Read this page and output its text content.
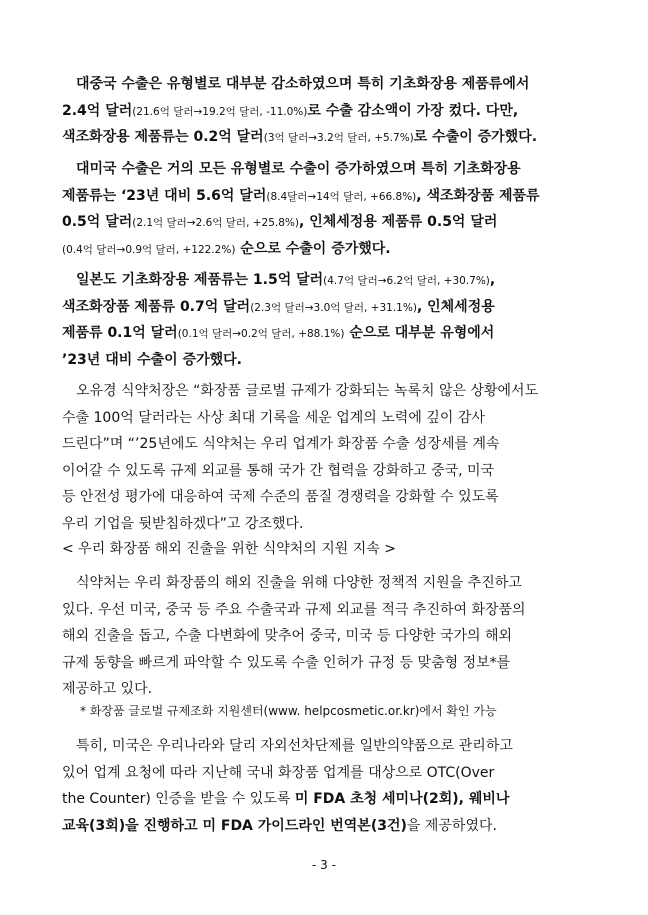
대중국 수출은 유형별로 대부분 감소하였으며 특히 기초화장용 제품류에서
2.4억 달러(21.6억 달러→19.2억 달러, -11.0%)로 수출 감소액이 가장 컸다. 다만,
색조화장용 제품류는 0.2억 달러(3억 달러→3.2억 달러, +5.7%)로 수출이 증가했다.
대미국 수출은 거의 모든 유형별로 수출이 증가하였으며 특히 기초화장용
제품류는 ‘23년 대비 5.6억 달러(8.4달러→14억 달러, +66.8%), 색조화장품 제품류
0.5억 달러(2.1억 달러→2.6억 달러, +25.8%), 인체세정용 제품류 0.5억 달러
(0.4억 달러→0.9억 달러, +122.2%) 순으로 수출이 증가했다.
일본도 기초화장용 제품류는 1.5억 달러(4.7억 달러→6.2억 달러, +30.7%),
색조화장품 제품류 0.7억 달러(2.3억 달러→3.0억 달러, +31.1%), 인체세정용
제품류 0.1억 달러(0.1억 달러→0.2억 달러, +88.1%) 순으로 대부분 유형에서
’23년 대비 수출이 증가했다.
오유경 식약처장은 “화장품 글로벌 규제가 강화되는 녹록치 않은 상황에서도
수출 100억 달러라는 사상 최대 기록을 세운 업계의 노력에 깊이 감사
드린다”며 “’25년에도 식약처는 우리 업계가 화장품 수출 성장세를 계속
이어갈 수 있도록 규제 외교를 통해 국가 간 협력을 강화하고 중국, 미국
등 안전성 평가에 대응하여 국제 수준의 품질 경쟁력을 강화할 수 있도록
우리 기업을 뒷받침하겠다”고 강조했다.
< 우리 화장품 해외 진출을 위한 식약처의 지원 지속 >
식약처는 우리 화장품의 해외 진출을 위해 다양한 정책적 지원을 추진하고
있다. 우선 미국, 중국 등 주요 수출국과 규제 외교를 적극 추진하여 화장품의
해외 진출을 돕고, 수출 다변화에 맞추어 중국, 미국 등 다양한 국가의 해외
규제 동향을 빠르게 파악할 수 있도록 수출 인허가 규정 등 맞춤형 정보*를
제공하고 있다.
* 화장품 글로벌 규제조화 지원센터(www. helpcosmetic.or.kr)에서 확인 가능
특히, 미국은 우리나라와 달리 자외선차단제를 일반의약품으로 관리하고
있어 업계 요청에 따라 지난해 국내 화장품 업계를 대상으로 OTC(Over
the Counter) 인증을 받을 수 있도록 미 FDA 초청 세미나(2회), 웨비나
교육(3회)을 진행하고 미 FDA 가이드라인 번역본(3건)을 제공하였다.
- 3 -
